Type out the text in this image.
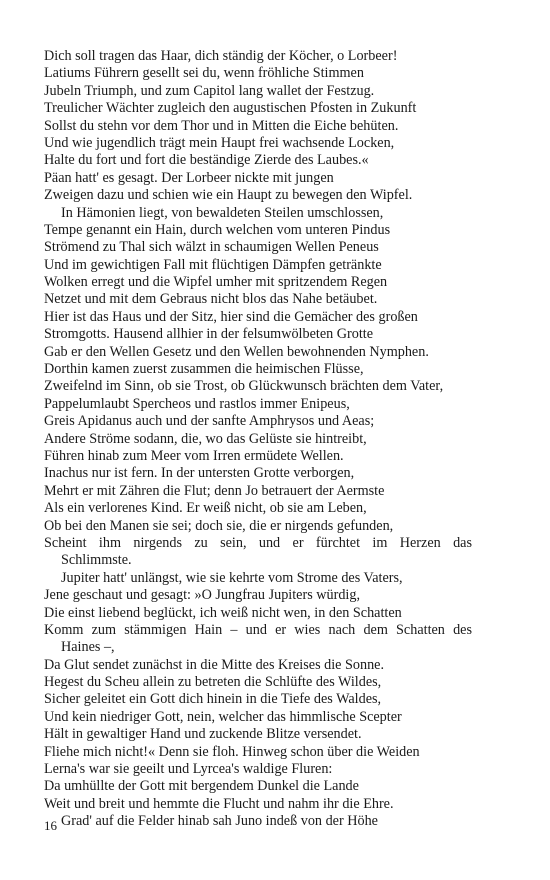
Dich soll tragen das Haar, dich ständig der Köcher, o Lorbeer!
Latiums Führern gesellt sei du, wenn fröhliche Stimmen
Jubeln Triumph, und zum Capitol lang wallet der Festzug.
Treulicher Wächter zugleich den augustischen Pfosten in Zukunft
Sollst du stehn vor dem Thor und in Mitten die Eiche behüten.
Und wie jugendlich trägt mein Haupt frei wachsende Locken,
Halte du fort und fort die beständige Zierde des Laubes.«
Päan hatt' es gesagt. Der Lorbeer nickte mit jungen
Zweigen dazu und schien wie ein Haupt zu bewegen den Wipfel.
In Hämonien liegt, von bewaldeten Steilen umschlossen,
Tempe genannt ein Hain, durch welchen vom unteren Pindus
Strömend zu Thal sich wälzt in schaumigen Wellen Peneus
Und im gewichtigen Fall mit flüchtigen Dämpfen getränkte
Wolken erregt und die Wipfel umher mit spritzendem Regen
Netzet und mit dem Gebraus nicht blos das Nahe betäubet.
Hier ist das Haus und der Sitz, hier sind die Gemächer des großen
Stromgotts. Hausend allhier in der felsumwölbeten Grotte
Gab er den Wellen Gesetz und den Wellen bewohnenden Nymphen.
Dorthin kamen zuerst zusammen die heimischen Flüsse,
Zweifelnd im Sinn, ob sie Trost, ob Glückwunsch brächten dem Vater,
Pappelumlaubt Spercheos und rastlos immer Enipeus,
Greis Apidanus auch und der sanfte Amphrysos und Aeas;
Andere Ströme sodann, die, wo das Gelüste sie hintreibt,
Führen hinab zum Meer vom Irren ermüdete Wellen.
Inachus nur ist fern. In der untersten Grotte verborgen,
Mehrt er mit Zähren die Flut; denn Jo betrauert der Aermste
Als ein verlorenes Kind. Er weiß nicht, ob sie am Leben,
Ob bei den Manen sie sei; doch sie, die er nirgends gefunden,
Scheint ihm nirgends zu sein, und er fürchtet im Herzen das
Schlimmste.
Jupiter hatt' unlängst, wie sie kehrte vom Strome des Vaters,
Jene geschaut und gesagt: »O Jungfrau Jupiters würdig,
Die einst liebend beglückt, ich weiß nicht wen, in den Schatten
Komm zum stämmigen Hain – und er wies nach dem Schatten des
Haines –,
Da Glut sendet zunächst in die Mitte des Kreises die Sonne.
Hegest du Scheu allein zu betreten die Schlüfte des Wildes,
Sicher geleitet ein Gott dich hinein in die Tiefe des Waldes,
Und kein niedriger Gott, nein, welcher das himmlische Scepter
Hält in gewaltiger Hand und zuckende Blitze versendet.
Fliehe mich nicht!« Denn sie floh. Hinweg schon über die Weiden
Lerna's war sie geeilt und Lyrcea's waldige Fluren:
Da umhüllte der Gott mit bergendem Dunkel die Lande
Weit und breit und hemmte die Flucht und nahm ihr die Ehre.
Grad' auf die Felder hinab sah Juno indeß von der Höhe
16
